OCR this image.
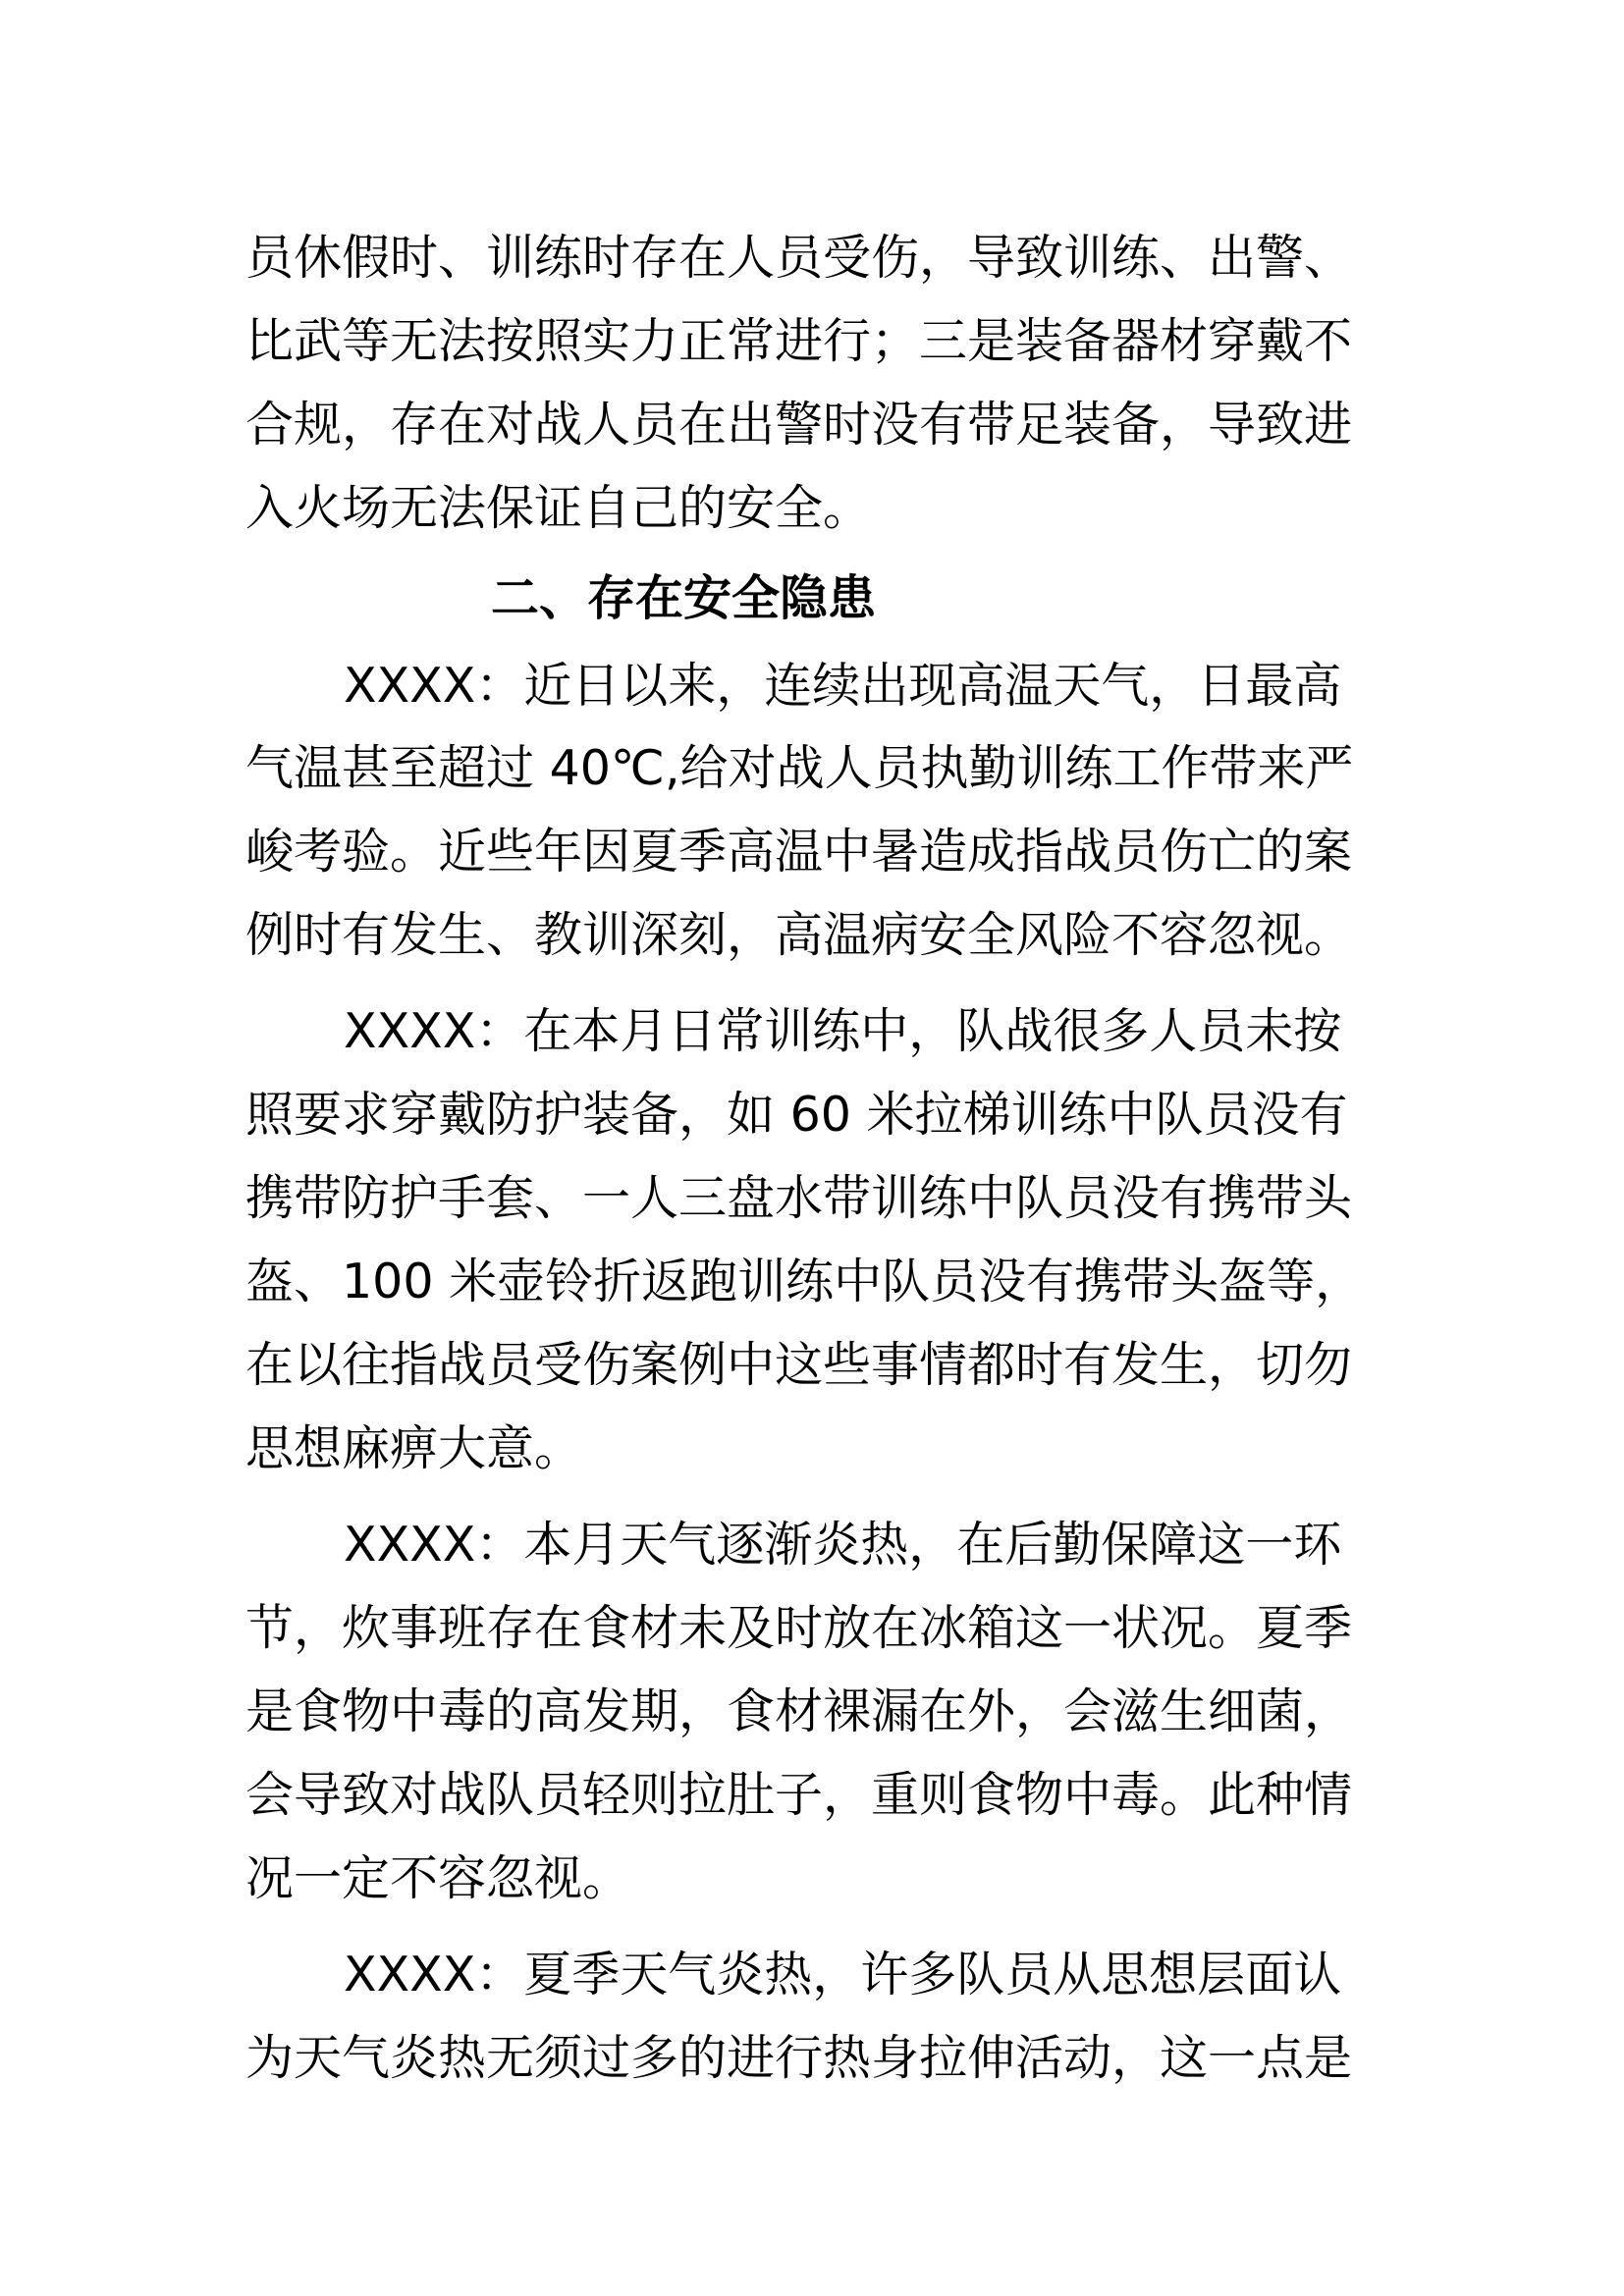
员休假时、训练时存在人员受伤，导致训练、出警、
比武等无法按照实力正常进行；三是装备器材穿戴不
合规，存在对战人员在出警时没有带足装备，导致进
入火场无法保证自己的安全。
二、存在安全隐患
XXXX：近日以来，连续出现高温天气，日最高
气温甚至超过 40℃,给对战人员执勤训练工作带来严
峻考验。近些年因夏季高温中暑造成指战员伤亡的案
例时有发生、教训深刻，高温病安全风险不容忽视。
XXXX：在本月日常训练中，队战很多人员未按
照要求穿戴防护装备，如 60 米拉梯训练中队员没有
携带防护手套、一人三盘水带训练中队员没有携带头
盔、100 米壶铃折返跑训练中队员没有携带头盔等，
在以往指战员受伤案例中这些事情都时有发生，切勿
思想麻痹大意。
XXXX：本月天气逐渐炎热，在后勤保障这一环
节，炊事班存在食材未及时放在冰箱这一状况。夏季
是食物中毒的高发期，食材裸漏在外，会滋生细菌，
会导致对战队员轻则拉肚子，重则食物中毒。此种情
况一定不容忽视。
XXXX：夏季天气炎热，许多队员从思想层面认
为天气炎热无须过多的进行热身拉伸活动，这一点是
